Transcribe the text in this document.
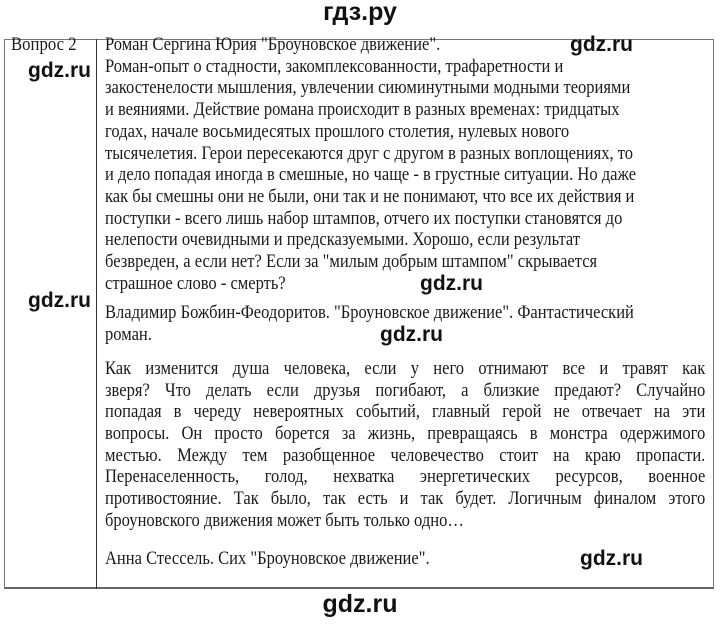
гдз.ру
Вопрос 2 Роман Сергина Юрия "Броуновское движение".
Роман-опыт о стадности, закомплексованности, трафаретности и
закостенелости мышления, увлечении сиюминутными модными теориями
и веяниями. Действие романа происходит в разных временах: тридцатых
годах, начале восьмидесятых прошлого столетия, нулевых нового
тысячелетия. Герои пересекаются друг с другом в разных воплощениях, то
и дело попадая иногда в смешные, но чаще - в грустные ситуации. Но даже
как бы смешны они не были, они так и не понимают, что все их действия и
поступки - всего лишь набор штампов, отчего их поступки становятся до
нелепости очевидными и предсказуемыми. Хорошо, если результат
безвреден, а если нет? Если за "милым добрым штампом" скрывается
страшное слово - смерть?
Владимир Божбин-Феодоритов. "Броуновское движение". Фантастический
роман.
Как изменится душа человека, если у него отнимают все и травят как
зверя? Что делать если друзья погибают, а близкие предают? Случайно
попадая в череду невероятных событий, главный герой не отвечает на эти
вопросы. Он просто борется за жизнь, превращаясь в монстра одержимого
местью. Между тем разобщенное человечество стоит на краю пропасти.
Перенаселенность, голод, нехватка энергетических ресурсов, военное
противостояние. Так было, так есть и так будет. Логичным финалом этого
броуновского движения может быть только одно…
Анна Стессель. Сих "Броуновское движение".
gdz.ru
gdz.ru
gdz.ru
gdz.ru
gdz.ru
gdz.ru
gdz.ru
